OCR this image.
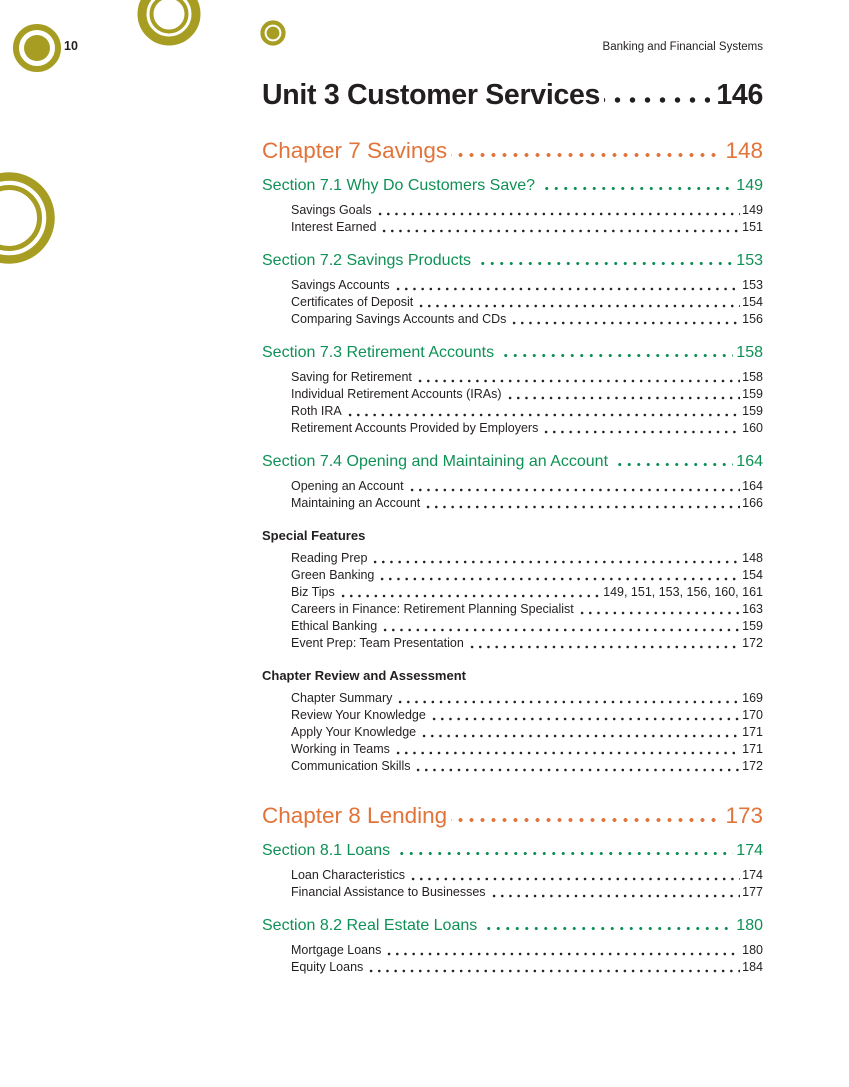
10	Banking and Financial Systems
Unit 3 Customer Services	146
Chapter 7 Savings	148
Section 7.1 Why Do Customers Save?	149
Savings Goals	149
Interest Earned	151
Section 7.2 Savings Products	153
Savings Accounts	153
Certificates of Deposit	154
Comparing Savings Accounts and CDs	156
Section 7.3 Retirement Accounts	158
Saving for Retirement	158
Individual Retirement Accounts (IRAs)	159
Roth IRA	159
Retirement Accounts Provided by Employers	160
Section 7.4 Opening and Maintaining an Account	164
Opening an Account	164
Maintaining an Account	166
Special Features
Reading Prep	148
Green Banking	154
Biz Tips	149, 151, 153, 156, 160, 161
Careers in Finance: Retirement Planning Specialist	163
Ethical Banking	159
Event Prep: Team Presentation	172
Chapter Review and Assessment
Chapter Summary	169
Review Your Knowledge	170
Apply Your Knowledge	171
Working in Teams	171
Communication Skills	172
Chapter 8 Lending	173
Section 8.1 Loans	174
Loan Characteristics	174
Financial Assistance to Businesses	177
Section 8.2 Real Estate Loans	180
Mortgage Loans	180
Equity Loans	184
